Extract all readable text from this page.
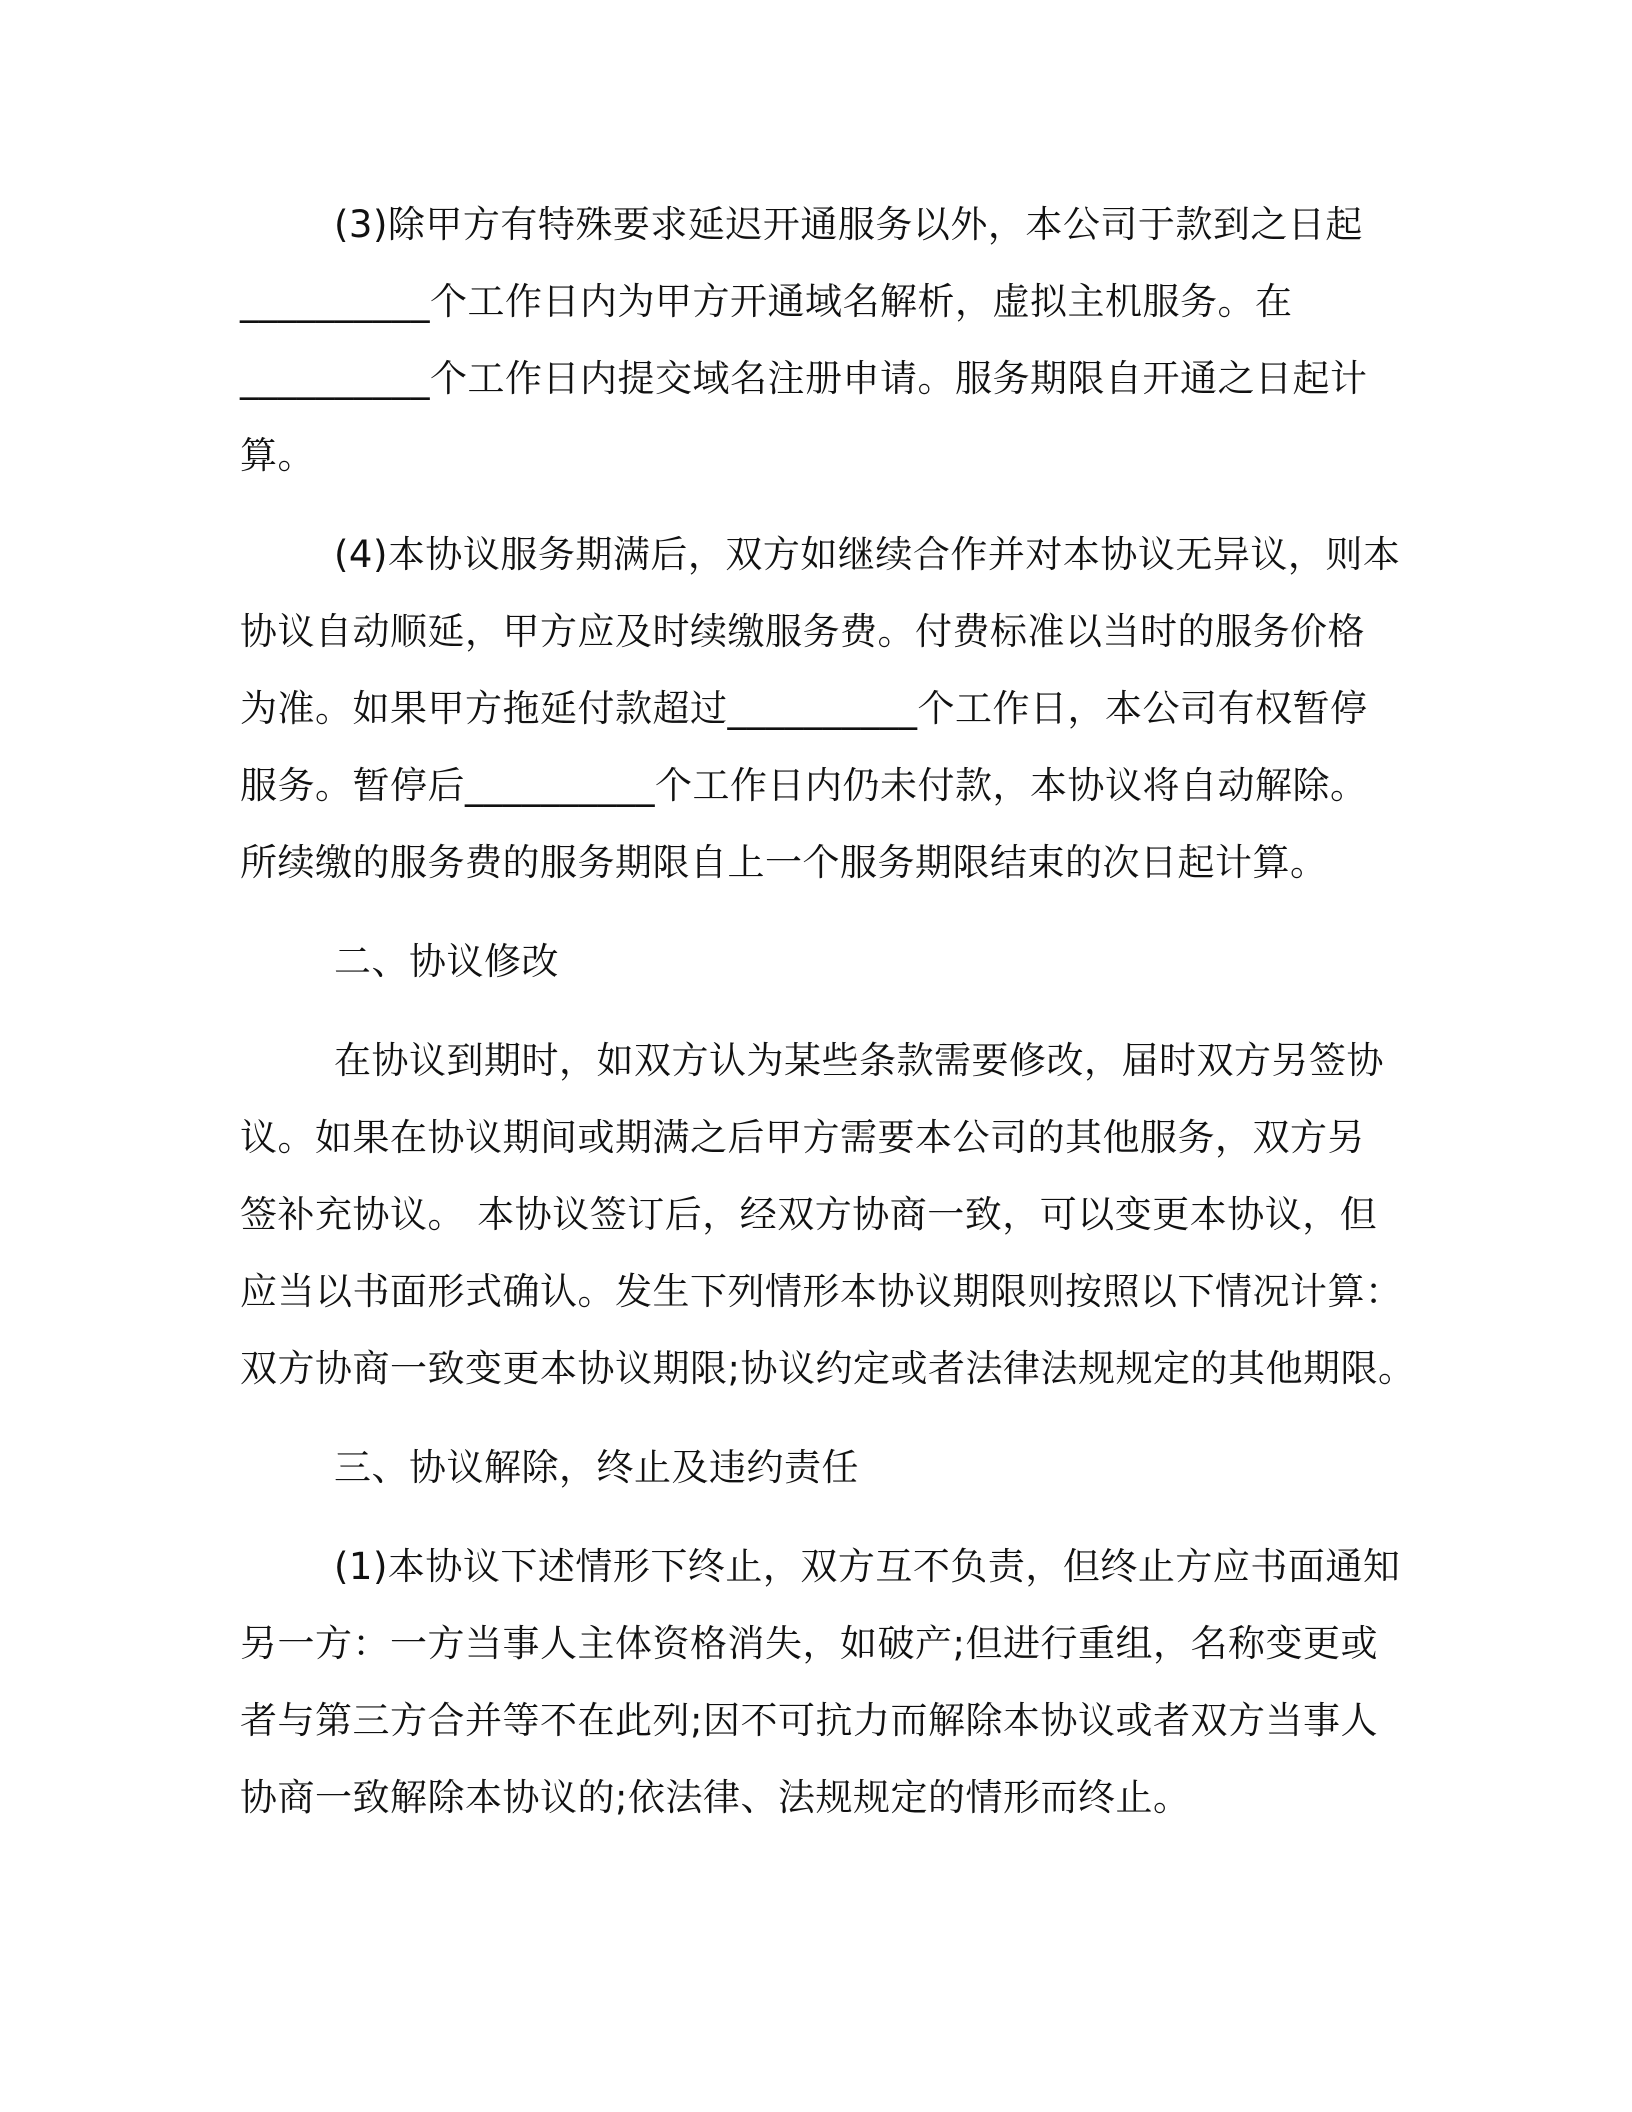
(3)除甲方有特殊要求延迟开通服务以外，本公司于款到之日起
__________个工作日内为甲方开通域名解析，虚拟主机服务。在
__________个工作日内提交域名注册申请。服务期限自开通之日起计
算。
(4)本协议服务期满后，双方如继续合作并对本协议无异议，则本
协议自动顺延，甲方应及时续缴服务费。付费标准以当时的服务价格
为准。如果甲方拖延付款超过__________个工作日，本公司有权暂停
服务。暂停后__________个工作日内仍未付款，本协议将自动解除。
所续缴的服务费的服务期限自上一个服务期限结束的次日起计算。
二、协议修改
在协议到期时，如双方认为某些条款需要修改，届时双方另签协
议。如果在协议期间或期满之后甲方需要本公司的其他服务，双方另
签补充协议。 本协议签订后，经双方协商一致，可以变更本协议，但
应当以书面形式确认。发生下列情形本协议期限则按照以下情况计算：
双方协商一致变更本协议期限;协议约定或者法律法规规定的其他期限。
三、协议解除，终止及违约责任
(1)本协议下述情形下终止，双方互不负责，但终止方应书面通知
另一方：一方当事人主体资格消失，如破产;但进行重组，名称变更或
者与第三方合并等不在此列;因不可抗力而解除本协议或者双方当事人
协商一致解除本协议的;依法律、法规规定的情形而终止。
